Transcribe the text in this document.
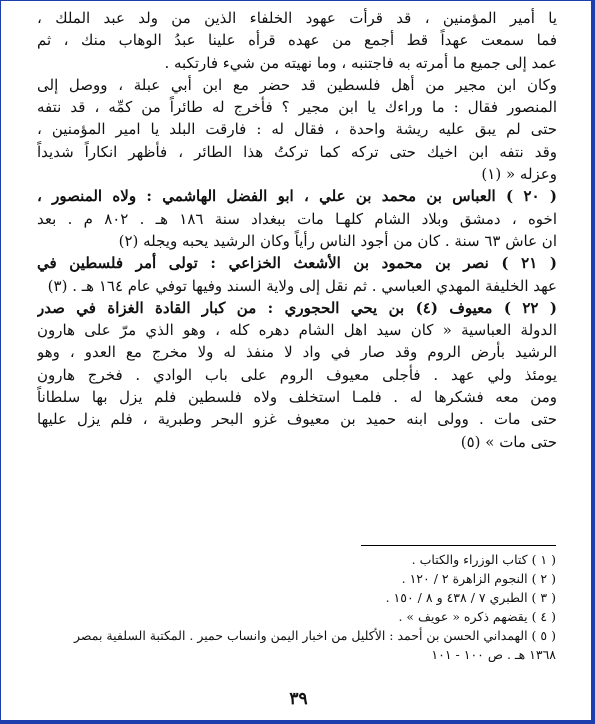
يا أمير المؤمنين ، قد قرأت عهود الخلفاء الذين من ولد عبد الملك ،
فما سمعت عهداً قط أجمع من عهده قرأه علينا عبدُ الوهاب منك ، ثم
عمد إلى جميع ما أمرته به فاجتنبه ، وما نهيته من شيء فارتكبه .
وكان ابن مجير من أهل فلسطين قد حضر مع ابن أبي عبلة ، ووصل إلى
المنصور فقال : ما وراءك يا ابن مجير ؟ فأخرج له طائراً من كمِّه ، قد نتفه
حتى لم يبق عليه ريشة واحدة ، فقال له : فارقت البلد يا امير المؤمنين ،
وقد نتفه ابن اخيك حتى تركه كما تركتُ هذا الطائر ، فأظهر انكاراً شديداً
وعزله « (١)
( ٢٠ ) العباس بن محمد بن علي ، ابو الفضل الهاشمي : ولاه المنصور ،
اخوه ، دمشق وبلاد الشام كلهـا مات ببغداد سنة ١٨٦ هـ . ٨٠٢ م . بعد
ان عاش ٦٣ سنة . كان من أجود الناس رأياً وكان الرشيد يحبه ويجله (٢)
( ٢١ ) نصر بن محمود بن الأشعث الخزاعي : تولى أمر فلسطين في
عهد الخليفة المهدي العباسي . ثم نقل إلى ولاية السند وفيها توفي عام ١٦٤ هـ . (٣)
( ٢٢ ) معيوف (٤) بن يحي الحجوري : من كبار القادة الغزاة في صدر
الدولة العباسية « كان سيد اهل الشام دهره كله ، وهو الذي مرّ على هارون
الرشيد بأرض الروم وقد صار في واد لا منفذ له ولا مخرج مع العدو ، وهو
يومئذ ولي عهد . فأجلى معيوف الروم على باب الوادي . فخرج هارون
ومن معه فشكرها له . فلمـا استخلف ولاه فلسطين فلم يزل بها سلطاناً
حتى مات . وولى ابنه حميد بن معيوف غزو البحر وطبرية ، فلم يزل عليها
حتى مات » (٥)
( ١ ) كتاب الوزراء والكتاب .
( ٢ ) النجوم الزاهرة ٢ / ١٢٠ .
( ٣ ) الطبري ٧ / ٤٣٨ و ٨ / ١٥٠ .
( ٤ ) يقضهم ذكره « عويف » .
( ٥ ) الهمداني الحسن بن أحمد : الأكليل من اخبار اليمن وانساب حمير . المكتبة السلفية بمصر
١٣٦٨ هـ . ص ١٠٠ - ١٠١
٣٩
